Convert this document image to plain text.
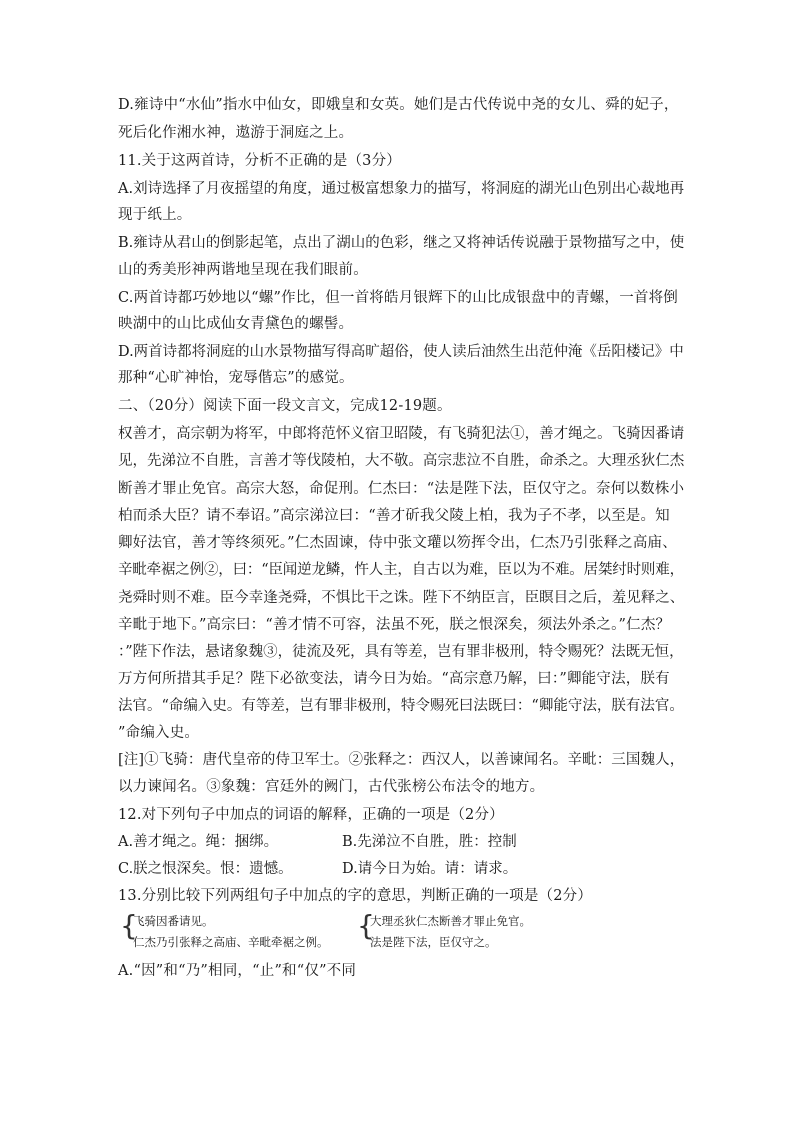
D.雍诗中“水仙”指水中仙女，即娥皇和女英。她们是古代传说中尧的女儿、舜的妃子，
死后化作湘水神，遨游于洞庭之上。
11.关于这两首诗，分析不正确的是（3分）
A.刘诗选择了月夜摇望的角度，通过极富想象力的描写，将洞庭的湖光山色别出心裁地再
现于纸上。
B.雍诗从君山的倒影起笔，点出了湖山的色彩，继之又将神话传说融于景物描写之中，使
山的秀美形神两谐地呈现在我们眼前。
C.两首诗都巧妙地以“螺”作比，但一首将皓月银辉下的山比成银盘中的青螺，一首将倒
映湖中的山比成仙女青黛色的螺髻。
D.两首诗都将洞庭的山水景物描写得高旷超俗，使人读后油然生出范仲淹《岳阳楼记》中
那种“心旷神怡，宠辱偕忘”的感觉。
二、（20分）阅读下面一段文言文，完成12-19题。
权善才，高宗朝为将军，中郎将范怀义宿卫昭陵，有飞骑犯法①，善才绳之。飞骑因番请
见，先涕泣不自胜，言善才等伐陵柏，大不敬。高宗悲泣不自胜，命杀之。大理丞狄仁杰
断善才罪止免官。高宗大怒，命促刑。仁杰曰：“法是陛下法，臣仅守之。奈何以数株小
柏而杀大臣？请不奉诏。”高宗涕泣曰：“善才斫我父陵上柏，我为子不孝，以至是。知
卿好法官，善才等终须死。”仁杰固谏，侍中张文瓘以笏挥令出，仁杰乃引张释之高庙、
辛毗牵裾之例②，曰：“臣闻逆龙鳞，忤人主，自古以为难，臣以为不难。居桀纣时则难，
尧舜时则不难。臣今幸逢尧舜，不惧比干之诛。陛下不纳臣言，臣瞑目之后，羞见释之、
辛毗于地下。”高宗曰：“善才情不可容，法虽不死，朕之恨深矣，须法外杀之。”仁杰？
：”陛下作法，悬诸象魏③，徒流及死，具有等差，岂有罪非极刑，特令赐死？法既无恒，
万方何所措其手足？陛下必欲变法，请今日为始。“高宗意乃解，曰：”卿能守法，朕有
法官。“命编入史。有等差，岂有罪非极刑，特令赐死曰法既曰：“卿能守法，朕有法官。
”命编入史。
[注]①飞骑：唐代皇帝的侍卫军士。②张释之：西汉人，以善谏闻名。辛毗：三国魏人，
以力谏闻名。③象魏：宫廷外的阙门，古代张榜公布法令的地方。
12.对下列句子中加点的词语的解释，正确的一项是（2分）
A.善才绳之。绳：捆绑。	B.先涕泣不自胜，胜：控制
C.朕之恨深矣。恨：遗憾。	D.请今日为始。请：请求。
13.分别比较下列两组句子中加点的字的意思，判断正确的一项是（2分）
{
飞骑因番请见。
仁杰乃引张释之高庙、辛毗牵裾之例。 {
大理丞狄仁杰断善才罪止免官。
法是陛下法，臣仅守之。
A.“因”和“乃”相同，“止”和“仅”不同
